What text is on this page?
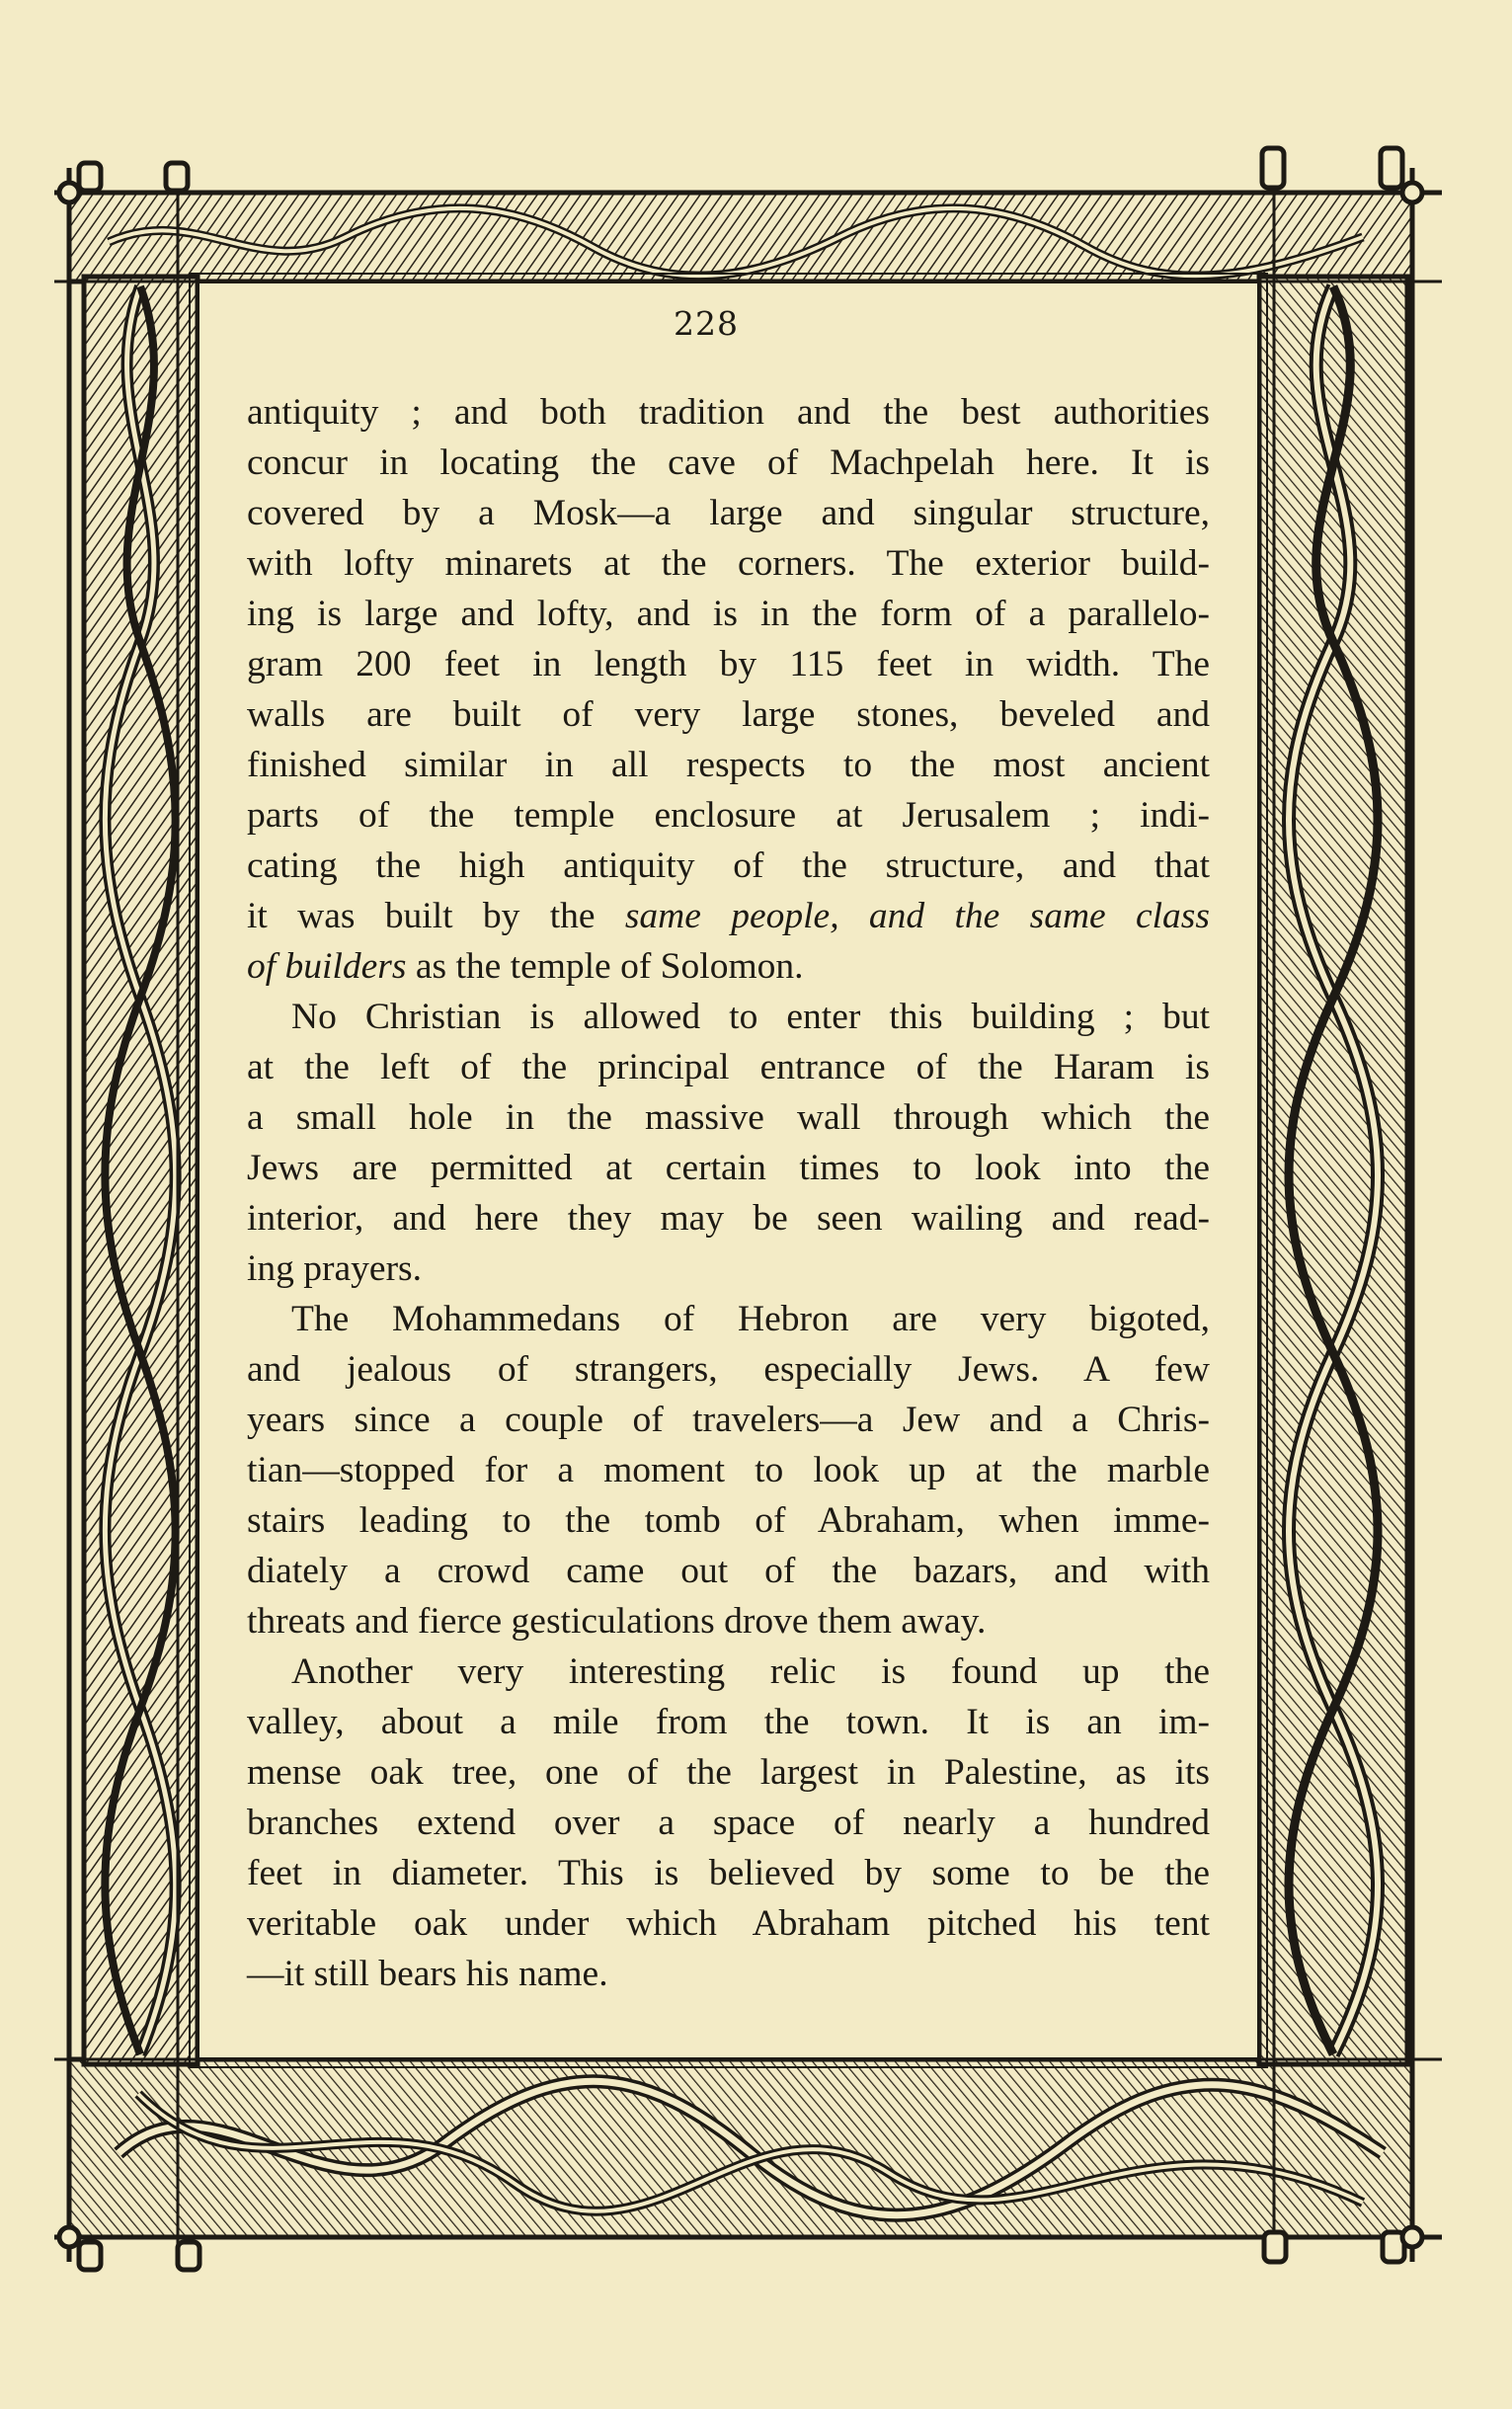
228
antiquity ; and both tradition and the best authorities
concur in locating the cave of Machpelah here. It is
covered by a Mosk—a large and singular structure,
with lofty minarets at the corners. The exterior build-
ing is large and lofty, and is in the form of a parallelo-
gram 200 feet in length by 115 feet in width. The
walls are built of very large stones, beveled and
finished similar in all respects to the most ancient
parts of the temple enclosure at Jerusalem ; indi-
cating the high antiquity of the structure, and that
it was built by the same people, and the same class
of builders as the temple of Solomon.
No Christian is allowed to enter this building ; but
at the left of the principal entrance of the Haram is
a small hole in the massive wall through which the
Jews are permitted at certain times to look into the
interior, and here they may be seen wailing and read-
ing prayers.
The Mohammedans of Hebron are very bigoted,
and jealous of strangers, especially Jews. A few
years since a couple of travelers—a Jew and a Chris-
tian—stopped for a moment to look up at the marble
stairs leading to the tomb of Abraham, when imme-
diately a crowd came out of the bazars, and with
threats and fierce gesticulations drove them away.
Another very interesting relic is found up the
valley, about a mile from the town. It is an im-
mense oak tree, one of the largest in Palestine, as its
branches extend over a space of nearly a hundred
feet in diameter. This is believed by some to be the
veritable oak under which Abraham pitched his tent
—it still bears his name.
